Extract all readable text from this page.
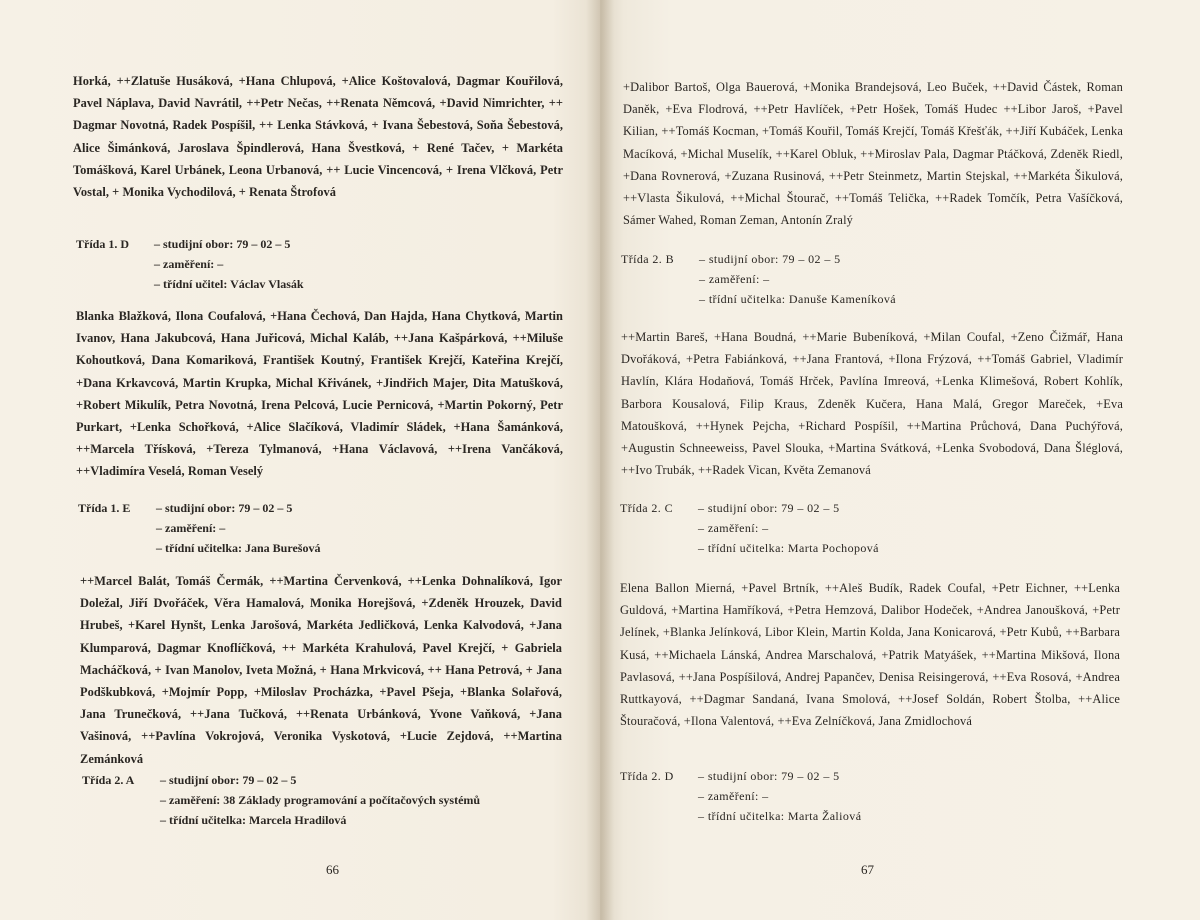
Horká, ++Zlatuše Husáková, +Hana Chlupová, +Alice Koštovalová, Dagmar Kouřilová, Pavel Náplava, David Navrátil, ++Petr Nečas, ++Renata Němcová, +David Nimrichter, ++ Dagmar Novotná, Radek Pospíšil, ++ Lenka Stávková, + Ivana Šebestová, Soňa Šebestová, Alice Šimánková, Jaroslava Špindlerová, Hana Švestková, + René Tačev, + Markéta Tomášková, Karel Urbánek, Leona Urbanová, ++ Lucie Vincencová, + Irena Vlčková, Petr Vostal, + Monika Vychodilová, + Renata Štrofová

Třída 1. D	– studijní obor: 79 – 02 – 5
– zaměření: –
– třídní učitel: Václav Vlasák

Blanka Blažková, Ilona Coufalová, +Hana Čechová, Dan Hajda, Hana Chytková, Martin Ivanov, Hana Jakubcová, Hana Juřicová, Michal Kaláb, ++Jana Kašpárková, ++Miluše Kohoutková, Dana Komariková, František Koutný, František Krejčí, Kateřina Krejčí, +Dana Krkavcová, Martin Krupka, Michal Křivánek, +Jindřich Majer, Dita Matušková, +Robert Mikulík, Petra Novotná, Irena Pelcová, Lucie Pernicová, +Martin Pokorný, Petr Purkart, +Lenka Schořková, +Alice Slačíková, Vladimír Sládek, +Hana Šamánková, ++Marcela Třísková, +Tereza Tylmanová, +Hana Václavová, ++Irena Vančáková, ++Vladimíra Veselá, Roman Veselý

Třída 1. E	– studijní obor: 79 – 02 – 5
– zaměření: –
– třídní učitelka: Jana Burešová

++Marcel Balát, Tomáš Čermák, ++Martina Červenková, ++Lenka Dohnalíková, Igor Doležal, Jiří Dvořáček, Věra Hamalová, Monika Horejšová, +Zdeněk Hrouzek, David Hrubeš, +Karel Hynšt, Lenka Jarošová, Markéta Jedličková, Lenka Kalvodová, +Jana Klumparová, Dagmar Knoflíčková, ++ Markéta Krahulová, Pavel Krejčí, + Gabriela Macháčková, + Ivan Manolov, Iveta Možná, + Hana Mrkvicová, ++ Hana Petrová, + Jana Podškubková, +Mojmír Popp, +Miloslav Procházka, +Pavel Pšeja, +Blanka Solařová, Jana Trunečková, ++Jana Tučková, ++Renata Urbánková, Yvone Vaňková, +Jana Vašinová, ++Pavlína Vokrojová, Veronika Vyskotová, +Lucie Zejdová, ++Martina Zemánková

Třída 2. A	– studijní obor: 79 – 02 – 5
– zaměření: 38 Základy programování a počítačových systémů
– třídní učitelka: Marcela Hradilová
66

+Dalibor Bartoš, Olga Bauerová, +Monika Brandejsová, Leo Buček, ++David Částek, Roman Daněk, +Eva Flodrová, ++Petr Havlíček, +Petr Hošek, Tomáš Hudec ++Libor Jaroš, +Pavel Kilian, ++Tomáš Kocman, +Tomáš Kouřil, Tomáš Krejčí, Tomáš Křešťák, ++Jiří Kubáček, Lenka Macíková, +Michal Muselík, ++Karel Obluk, ++Miroslav Pala, Dagmar Ptáčková, Zdeněk Riedl, +Dana Rovnerová, +Zuzana Rusinová, ++Petr Steinmetz, Martin Stejskal, ++Markéta Šikulová, ++Vlasta Šikulová, ++Michal Štourač, ++Tomáš Telička, ++Radek Tomčík, Petra Vašíčková, Sámer Wahed, Roman Zeman, Antonín Zralý

Třída 2. B	– studijní obor: 79 – 02 – 5
– zaměření: –
– třídní učitelka: Danuše Kameníková

++Martin Bareš, +Hana Boudná, ++Marie Bubeníková, +Milan Coufal, +Zeno Čižmář, Hana Dvořáková, +Petra Fabiánková, ++Jana Frantová, +Ilona Frýzová, ++Tomáš Gabriel, Vladimír Havlín, Klára Hodaňová, Tomáš Hrček, Pavlína Imreová, +Lenka Klimešová, Robert Kohlík, Barbora Kousalová, Filip Kraus, Zdeněk Kučera, Hana Malá, Gregor Mareček, +Eva Matoušková, ++Hynek Pejcha, +Richard Pospíšil, ++Martina Průchová, Dana Puchýřová, +Augustin Schneeweiss, Pavel Slouka, +Martina Svátková, +Lenka Svobodová, Dana Šléglová, ++Ivo Trubák, ++Radek Vican, Květa Zemanová

Třída 2. C	– studijní obor: 79 – 02 – 5
– zaměření: –
– třídní učitelka: Marta Pochopová

Elena Ballon Mierná, +Pavel Brtník, ++Aleš Budík, Radek Coufal, +Petr Eichner, ++Lenka Guldová, +Martina Hamříková, +Petra Hemzová, Dalibor Hodeček, +Andrea Janoušková, +Petr Jelínek, +Blanka Jelínková, Libor Klein, Martin Kolda, Jana Konicarová, +Petr Kubů, ++Barbara Kusá, ++Michaela Lánská, Andrea Marschalová, +Patrik Matyášek, ++Martina Mikšová, Ilona Pavlasová, ++Jana Pospíšilová, Andrej Papančev, Denisa Reisingerová, ++Eva Rosová, +Andrea Ruttkayová, ++Dagmar Sandaná, Ivana Smolová, ++Josef Soldán, Robert Štolba, ++Alice Štouračová, +Ilona Valentová, ++Eva Zelníčková, Jana Zmidlochová

Třída 2. D	– studijní obor: 79 – 02 – 5
– zaměření: –
– třídní učitelka: Marta Žaliová
67
